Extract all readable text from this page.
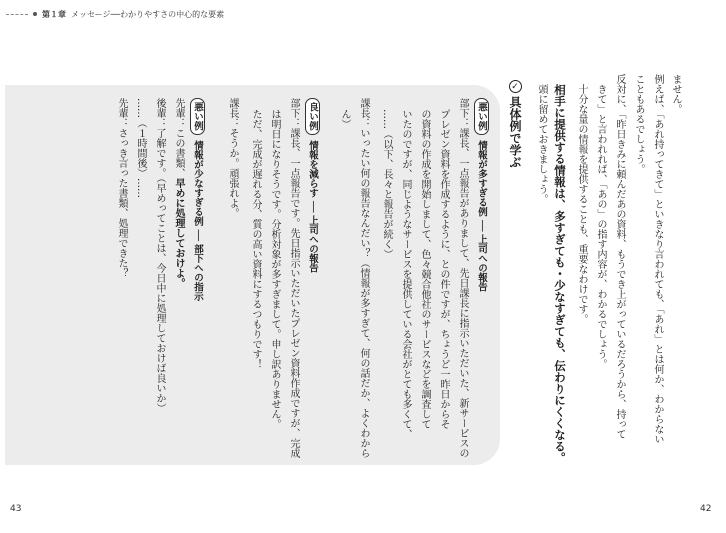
第１章 メッセージ──わかりやすさの中心的な要素
ません。
例えば、「あれ持ってきて」といきなり言われても、「あれ」とは何か、わからない
こともあるでしょう。
反対に、「昨日きみに頼んだあの資料、もうでき上がっているだろうから、持って
きて」と言われれば、「あの」の指す内容が、わかるでしょう。
十分な量の情報を提供することも、重要なわけです。
相手に提供する情報は、多すぎても・少なすぎても、伝わりにくくなる。
頭に留めておきましょう。
✓
具体例で学ぶ
悪い例 情報が多すぎる例 ── 上司への報告
部下：課長、一点報告がありまして、先日課長に指示いただいた、新サービスの
プレゼン資料を作成するように、との件ですが、ちょうど一昨日からそ
の資料の作成を開始しまして、色々競合他社のサービスなどを調査して
いたのですが、同じようなサービスを提供している会社がとても多くて、
……（以下、長々と報告が続く）
課長：いったい何の報告なんだい？（情報が多すぎて、何の話だか、よくわから
ん）
良い例 情報を減らす ── 上司への報告
部下：課長、一点報告です。先日指示いただいたプレゼン資料作成ですが、完成
は明日になりそうです。分析対象が多すぎまして。申し訳ありません。
ただ、完成が遅れる分、質の高い資料にするつもりです！
課長：そうか。頑張れよ。
悪い例 情報が少なすぎる例 ── 部下への指示
先輩：この書類、早めに処理しておけよ。
後輩：了解です。（早めってことは、今日中に処理しておけば良いか）
……（１時間後）……
先輩：さっき言った書類、処理できた？
43	42
